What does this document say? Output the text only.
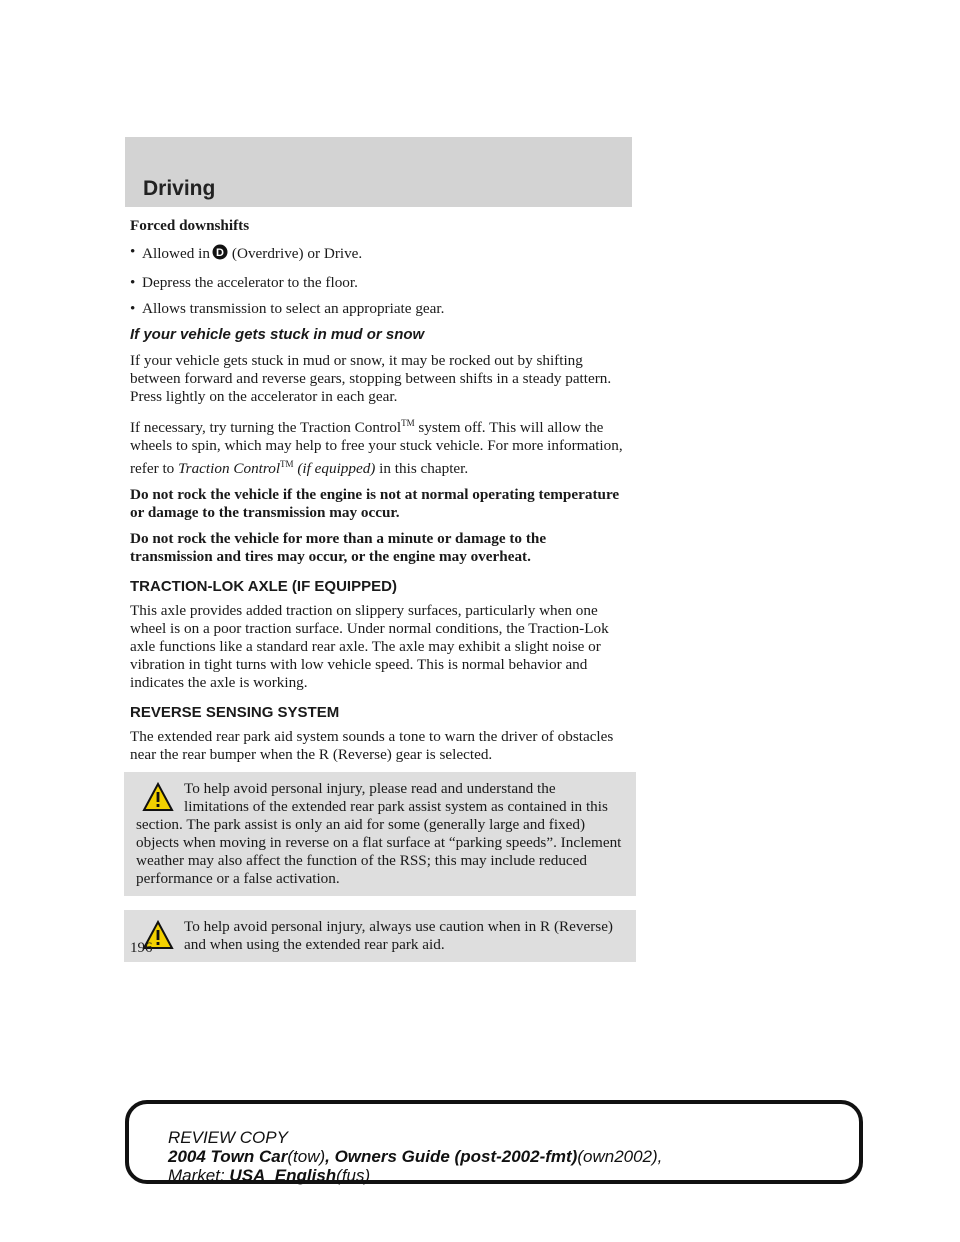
Driving

Forced downshifts

• Allowed in D (Overdrive) or Drive.
• Depress the accelerator to the floor.
• Allows transmission to select an appropriate gear.

If your vehicle gets stuck in mud or snow

If your vehicle gets stuck in mud or snow, it may be rocked out by shifting between forward and reverse gears, stopping between shifts in a steady pattern. Press lightly on the accelerator in each gear.

If necessary, try turning the Traction Control™ system off. This will allow the wheels to spin, which may help to free your stuck vehicle. For more information, refer to Traction Control™ (if equipped) in this chapter.

Do not rock the vehicle if the engine is not at normal operating temperature or damage to the transmission may occur.

Do not rock the vehicle for more than a minute or damage to the transmission and tires may occur, or the engine may overheat.

TRACTION-LOK AXLE (IF EQUIPPED)

This axle provides added traction on slippery surfaces, particularly when one wheel is on a poor traction surface. Under normal conditions, the Traction-Lok axle functions like a standard rear axle. The axle may exhibit a slight noise or vibration in tight turns with low vehicle speed. This is normal behavior and indicates the axle is working.

REVERSE SENSING SYSTEM

The extended rear park aid system sounds a tone to warn the driver of obstacles near the rear bumper when the R (Reverse) gear is selected.

To help avoid personal injury, please read and understand the limitations of the extended rear park assist system as contained in this section. The park assist is only an aid for some (generally large and fixed) objects when moving in reverse on a flat surface at “parking speeds”. Inclement weather may also affect the function of the RSS; this may include reduced performance or a false activation.

To help avoid personal injury, always use caution when in R (Reverse) and when using the extended rear park aid.

196
REVIEW COPY
2004 Town Car(tow), Owners Guide (post-2002-fmt)(own2002),
Market: USA_English(fus)
